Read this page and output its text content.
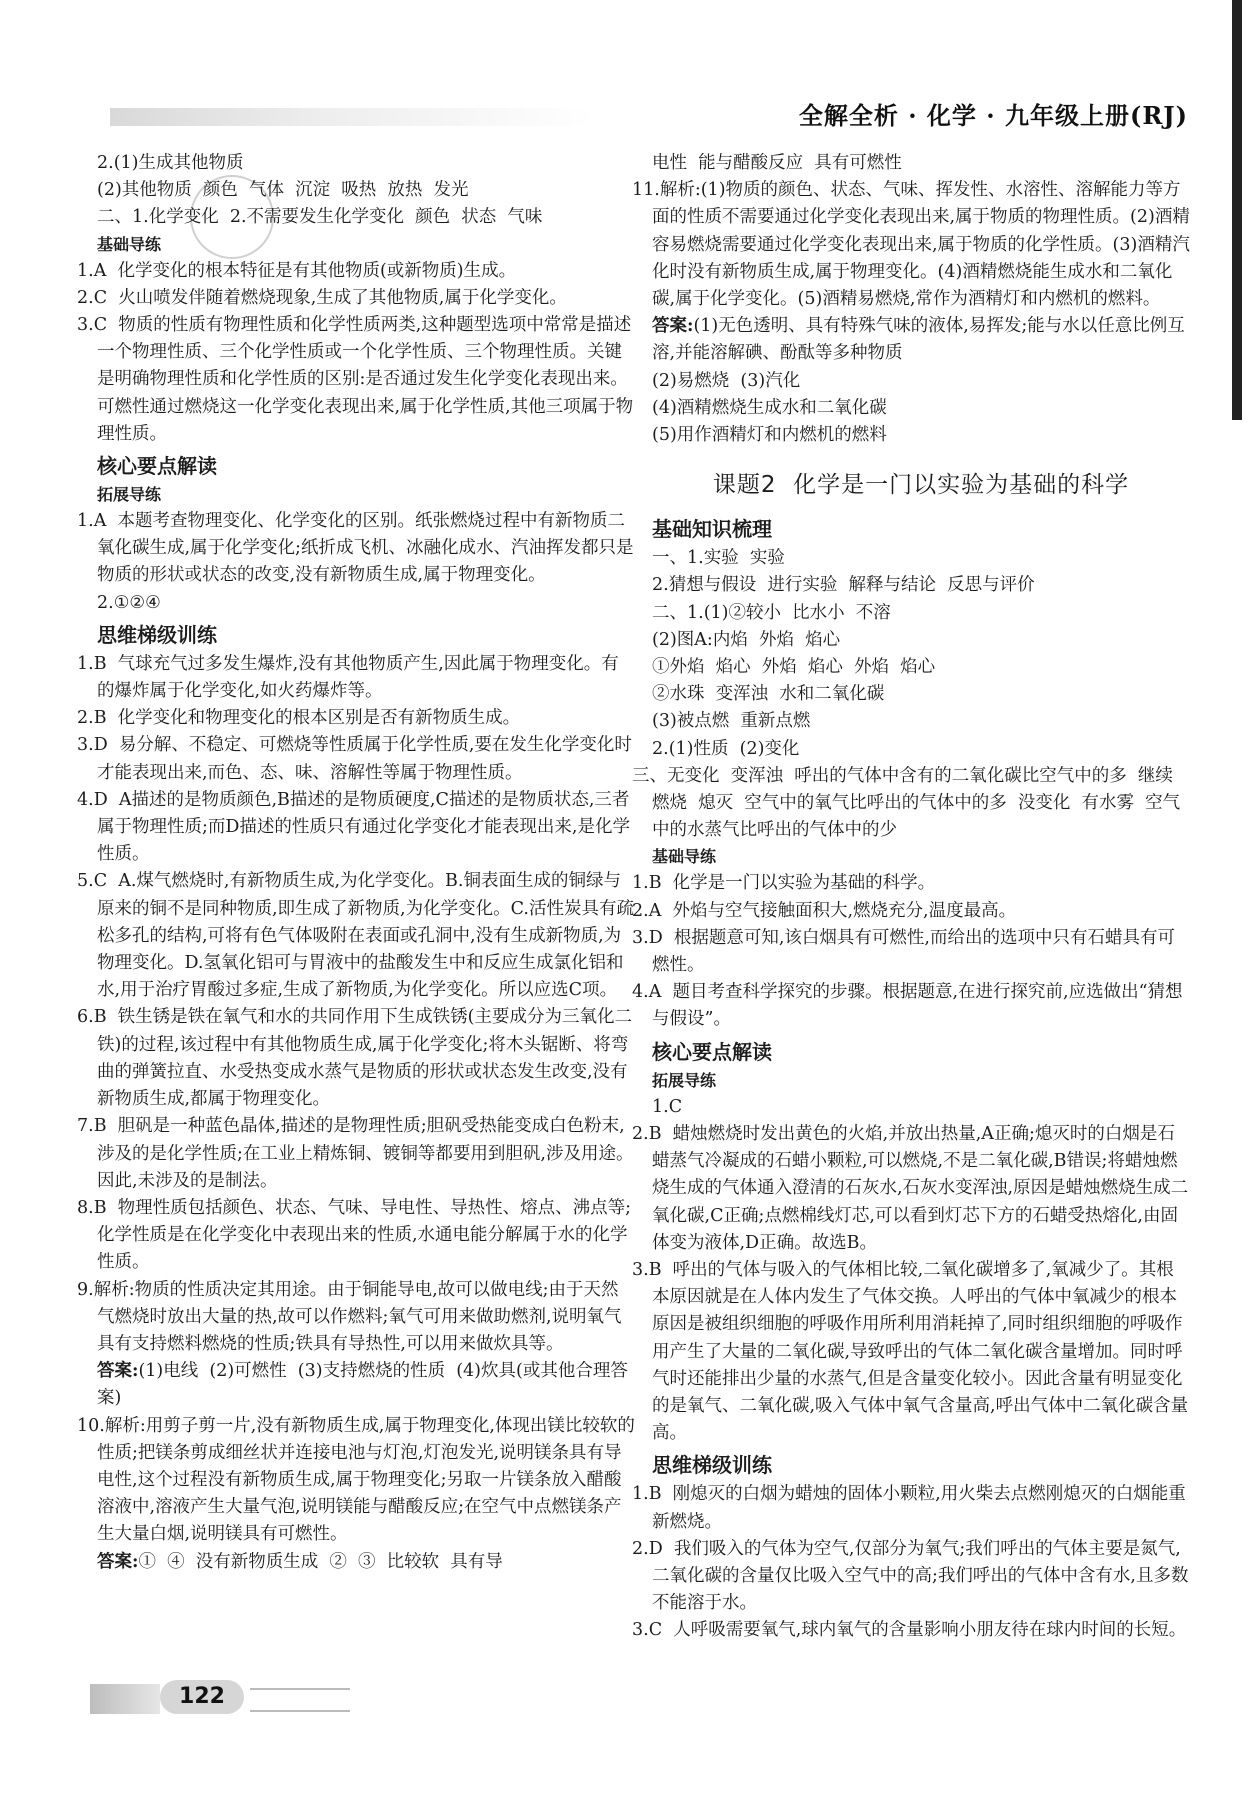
全解全析 · 化学 · 九年级上册(RJ)

2.(1)生成其他物质

(2)其他物质  颜色  气体  沉淀  吸热  放热  发光

二、1.化学变化  2.不需要发生化学变化  颜色  状态  气味

基础导练

1.A  化学变化的根本特征是有其他物质(或新物质)生成。

2.C  火山喷发伴随着燃烧现象,生成了其他物质,属于化学变化。

3.C  物质的性质有物理性质和化学性质两类,这种题型选项中常常是描述一个物理性质、三个化学性质或一个化学性质、三个物理性质。关键是明确物理性质和化学性质的区别:是否通过发生化学变化表现出来。可燃性通过燃烧这一化学变化表现出来,属于化学性质,其他三项属于物理性质。

核心要点解读

拓展导练

1.A  本题考查物理变化、化学变化的区别。纸张燃烧过程中有新物质二氧化碳生成,属于化学变化;纸折成飞机、冰融化成水、汽油挥发都只是物质的形状或状态的改变,没有新物质生成,属于物理变化。

2.①②④

思维梯级训练

1.B  气球充气过多发生爆炸,没有其他物质产生,因此属于物理变化。有的爆炸属于化学变化,如火药爆炸等。

2.B  化学变化和物理变化的根本区别是否有新物质生成。

3.D  易分解、不稳定、可燃烧等性质属于化学性质,要在发生化学变化时才能表现出来,而色、态、味、溶解性等属于物理性质。

4.D  A描述的是物质颜色,B描述的是物质硬度,C描述的是物质状态,三者属于物理性质;而D描述的性质只有通过化学变化才能表现出来,是化学性质。

5.C  A.煤气燃烧时,有新物质生成,为化学变化。B.铜表面生成的铜绿与原来的铜不是同种物质,即生成了新物质,为化学变化。C.活性炭具有疏松多孔的结构,可将有色气体吸附在表面或孔洞中,没有生成新物质,为物理变化。D.氢氧化铝可与胃液中的盐酸发生中和反应生成氯化铝和水,用于治疗胃酸过多症,生成了新物质,为化学变化。所以应选C项。

6.B  铁生锈是铁在氧气和水的共同作用下生成铁锈(主要成分为三氧化二铁)的过程,该过程中有其他物质生成,属于化学变化;将木头锯断、将弯曲的弹簧拉直、水受热变成水蒸气是物质的形状或状态发生改变,没有新物质生成,都属于物理变化。

7.B  胆矾是一种蓝色晶体,描述的是物理性质;胆矾受热能变成白色粉末,涉及的是化学性质;在工业上精炼铜、镀铜等都要用到胆矾,涉及用途。因此,未涉及的是制法。

8.B  物理性质包括颜色、状态、气味、导电性、导热性、熔点、沸点等;化学性质是在化学变化中表现出来的性质,水通电能分解属于水的化学性质。

9.解析:物质的性质决定其用途。由于铜能导电,故可以做电线;由于天然气燃烧时放出大量的热,故可以作燃料;氧气可用来做助燃剂,说明氧气具有支持燃料燃烧的性质;铁具有导热性,可以用来做炊具等。

答案:(1)电线  (2)可燃性  (3)支持燃烧的性质  (4)炊具(或其他合理答案)

10.解析:用剪子剪一片,没有新物质生成,属于物理变化,体现出镁比较软的性质;把镁条剪成细丝状并连接电池与灯泡,灯泡发光,说明镁条具有导电性,这个过程没有新物质生成,属于物理变化;另取一片镁条放入醋酸溶液中,溶液产生大量气泡,说明镁能与醋酸反应;在空气中点燃镁条产生大量白烟,说明镁具有可燃性。

答案:①  ④  没有新物质生成  ②  ③  比较软  具有导

电性  能与醋酸反应  具有可燃性

11.解析:(1)物质的颜色、状态、气味、挥发性、水溶性、溶解能力等方面的性质不需要通过化学变化表现出来,属于物质的物理性质。(2)酒精容易燃烧需要通过化学变化表现出来,属于物质的化学性质。(3)酒精汽化时没有新物质生成,属于物理变化。(4)酒精燃烧能生成水和二氧化碳,属于化学变化。(5)酒精易燃烧,常作为酒精灯和内燃机的燃料。

答案:(1)无色透明、具有特殊气味的液体,易挥发;能与水以任意比例互溶,并能溶解碘、酚酞等多种物质

(2)易燃烧  (3)汽化

(4)酒精燃烧生成水和二氧化碳

(5)用作酒精灯和内燃机的燃料

课题2  化学是一门以实验为基础的科学

基础知识梳理

一、1.实验  实验

2.猜想与假设  进行实验  解释与结论  反思与评价

二、1.(1)②较小  比水小  不溶

(2)图A:内焰  外焰  焰心

①外焰  焰心  外焰  焰心  外焰  焰心

②水珠  变浑浊  水和二氧化碳

(3)被点燃  重新点燃

2.(1)性质  (2)变化

三、无变化  变浑浊  呼出的气体中含有的二氧化碳比空气中的多  继续燃烧  熄灭  空气中的氧气比呼出的气体中的多  没变化  有水雾  空气中的水蒸气比呼出的气体中的少

基础导练

1.B  化学是一门以实验为基础的科学。

2.A  外焰与空气接触面积大,燃烧充分,温度最高。

3.D  根据题意可知,该白烟具有可燃性,而给出的选项中只有石蜡具有可燃性。

4.A  题目考查科学探究的步骤。根据题意,在进行探究前,应选做出“猜想与假设”。

核心要点解读

拓展导练

1.C

2.B  蜡烛燃烧时发出黄色的火焰,并放出热量,A正确;熄灭时的白烟是石蜡蒸气冷凝成的石蜡小颗粒,可以燃烧,不是二氧化碳,B错误;将蜡烛燃烧生成的气体通入澄清的石灰水,石灰水变浑浊,原因是蜡烛燃烧生成二氧化碳,C正确;点燃棉线灯芯,可以看到灯芯下方的石蜡受热熔化,由固体变为液体,D正确。故选B。

3.B  呼出的气体与吸入的气体相比较,二氧化碳增多了,氧减少了。其根本原因就是在人体内发生了气体交换。人呼出的气体中氧减少的根本原因是被组织细胞的呼吸作用所利用消耗掉了,同时组织细胞的呼吸作用产生了大量的二氧化碳,导致呼出的气体二氧化碳含量增加。同时呼气时还能排出少量的水蒸气,但是含量变化较小。因此含量有明显变化的是氧气、二氧化碳,吸入气体中氧气含量高,呼出气体中二氧化碳含量高。

思维梯级训练

1.B  刚熄灭的白烟为蜡烛的固体小颗粒,用火柴去点燃刚熄灭的白烟能重新燃烧。

2.D  我们吸入的气体为空气,仅部分为氧气;我们呼出的气体主要是氮气,二氧化碳的含量仅比吸入空气中的高;我们呼出的气体中含有水,且多数不能溶于水。

3.C  人呼吸需要氧气,球内氧气的含量影响小朋友待在球内时间的长短。

122
